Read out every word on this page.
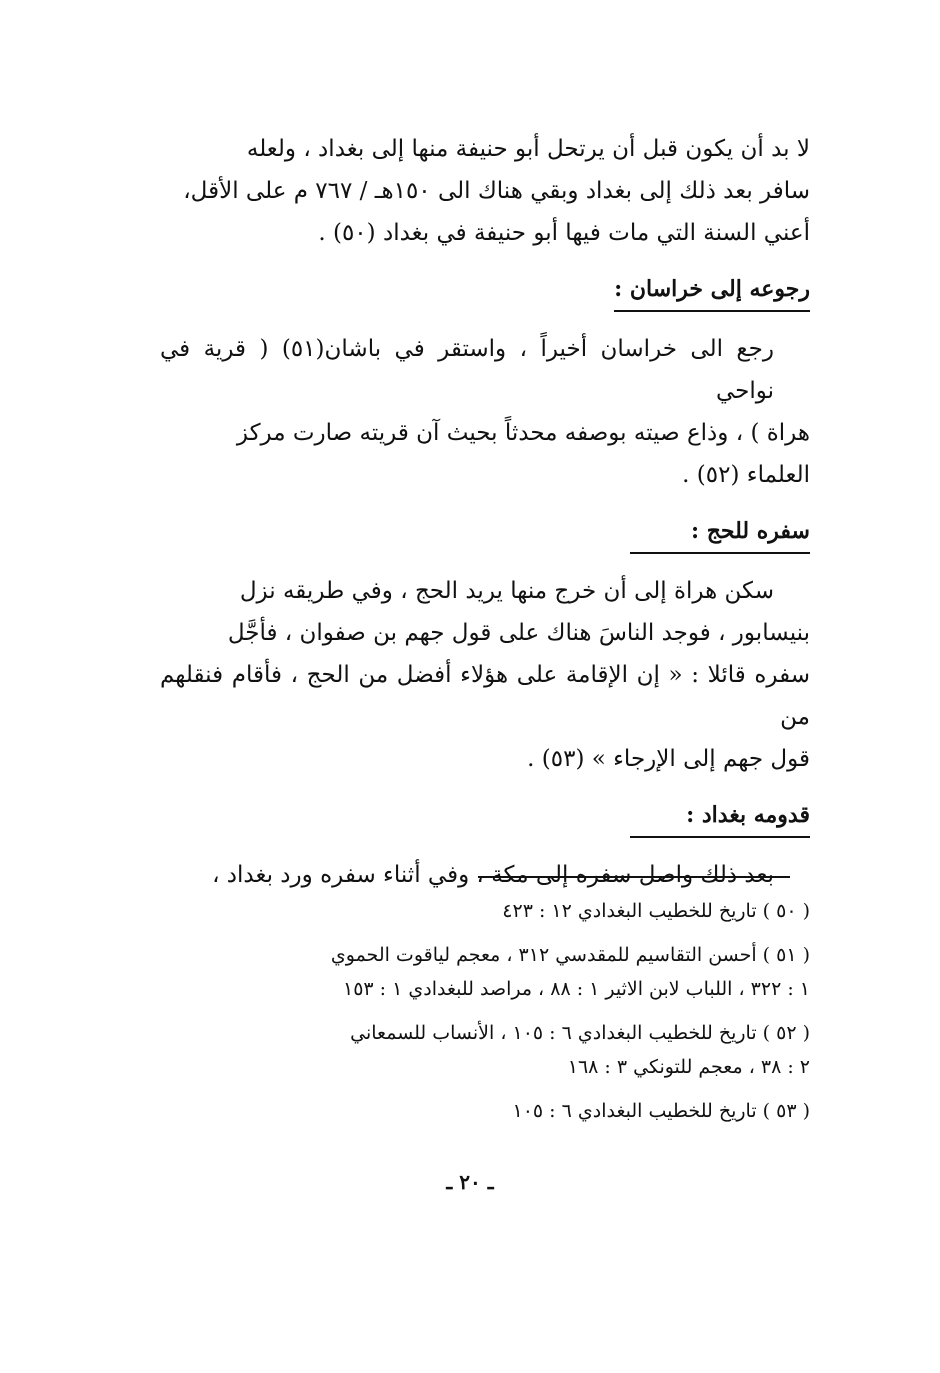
لا بد أن يكون قبل أن يرتحل أبو حنيفة منها إلى بغداد ، ولعله
سافر بعد ذلك إلى بغداد وبقي هناك الى ١٥٠هـ / ٧٦٧ م على الأقل،
أعني السنة التي مات فيها أبو حنيفة في بغداد (٥٠) .

رجوعه إلى خراسان :

رجع الى خراسان أخيراً ، واستقر في باشان(٥١) ( قرية في نواحي
هراة ) ، وذاع صيته بوصفه محدثاً بحيث آن قريته صارت مركز
العلماء (٥٢) .

سفره للحج :

سكن هراة إلى أن خرج منها يريد الحج ، وفي طريقه نزل
بنيسابور ، فوجد الناسَ هناك على قول جهم بن صفوان ، فأجَّل
سفره قائلا : « إن الإقامة على هؤلاء أفضل من الحج ، فأقام فنقلهم من
قول جهم إلى الإرجاء » (٥٣) .

قدومه بغداد :

بعد ذلك واصل سفره إلى مكة ، وفي أثناء سفره ورد بغداد ،

( ٥٠ ) تاريخ للخطيب البغدادي ١٢ : ٤٢٣

( ٥١ ) أحسن التقاسيم للمقدسي ٣١٢ ، معجم لياقوت الحموي
١ : ٣٢٢ ، اللباب لابن الاثير ١ : ٨٨ ، مراصد للبغدادي ١ : ١٥٣

( ٥٢ ) تاريخ للخطيب البغدادي ٦ : ١٠٥ ، الأنساب للسمعاني
٢ : ٣٨ ، معجم للتونكي ٣ : ١٦٨

( ٥٣ ) تاريخ للخطيب البغدادي ٦ : ١٠٥

ـ ٢٠ ـ
